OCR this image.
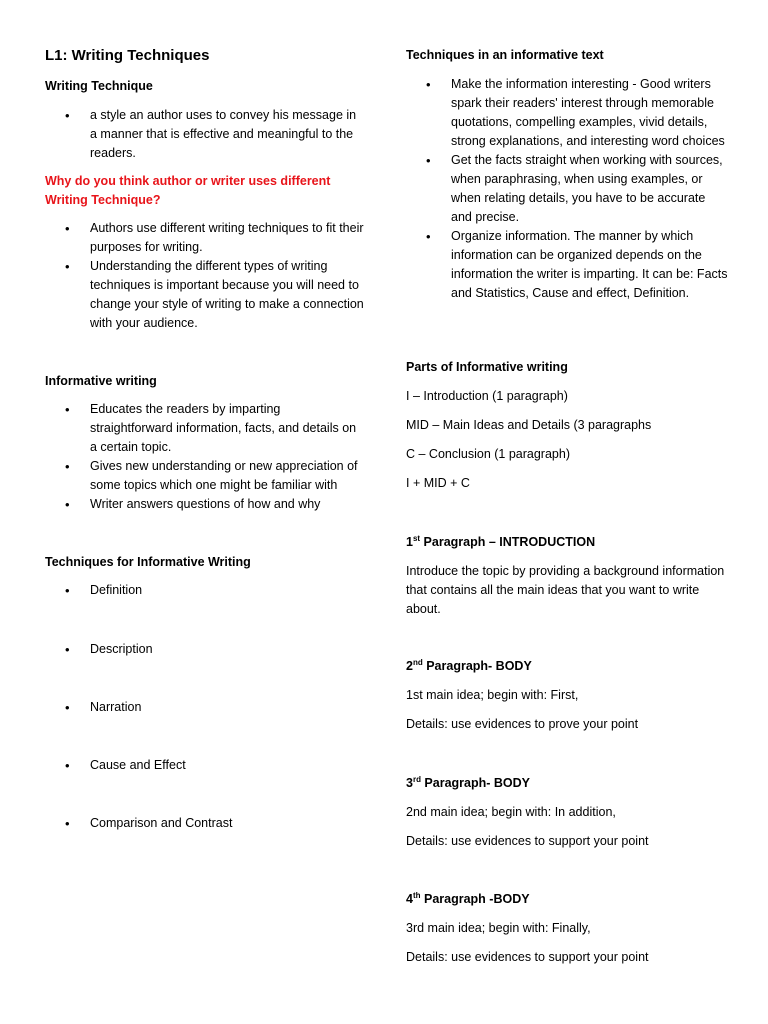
L1: Writing Techniques
Writing Technique
• a style an author uses to convey his message in a manner that is effective and meaningful to the readers.
Why do you think author or writer uses different Writing Technique?
• Authors use different writing techniques to fit their purposes for writing.
• Understanding the different types of writing techniques is important because you will need to change your style of writing to make a connection with your audience.
Informative writing
• Educates the readers by imparting straightforward information, facts, and details on a certain topic.
• Gives new understanding or new appreciation of some topics which one might be familiar with
• Writer answers questions of how and why
Techniques for Informative Writing
• Definition
• Description
• Narration
• Cause and Effect
• Comparison and Contrast
Techniques in an informative text
• Make the information interesting - Good writers spark their readers' interest through memorable quotations, compelling examples, vivid details, strong explanations, and interesting word choices
• Get the facts straight when working with sources, when paraphrasing, when using examples, or when relating details, you have to be accurate and precise.
• Organize information. The manner by which information can be organized depends on the information the writer is imparting. It can be: Facts and Statistics, Cause and effect, Definition.
Parts of Informative writing

I – Introduction (1 paragraph)

MID – Main Ideas and Details (3 paragraphs

C – Conclusion (1 paragraph)

I + MID + C

1st Paragraph – INTRODUCTION

Introduce the topic by providing a background information that contains all the main ideas that you want to write about.

2nd Paragraph- BODY

1st main idea; begin with: First,

Details: use evidences to prove your point

3rd Paragraph- BODY

2nd main idea; begin with: In addition,

Details: use evidences to support your point

4th Paragraph -BODY

3rd main idea; begin with: Finally,

Details: use evidences to support your point
